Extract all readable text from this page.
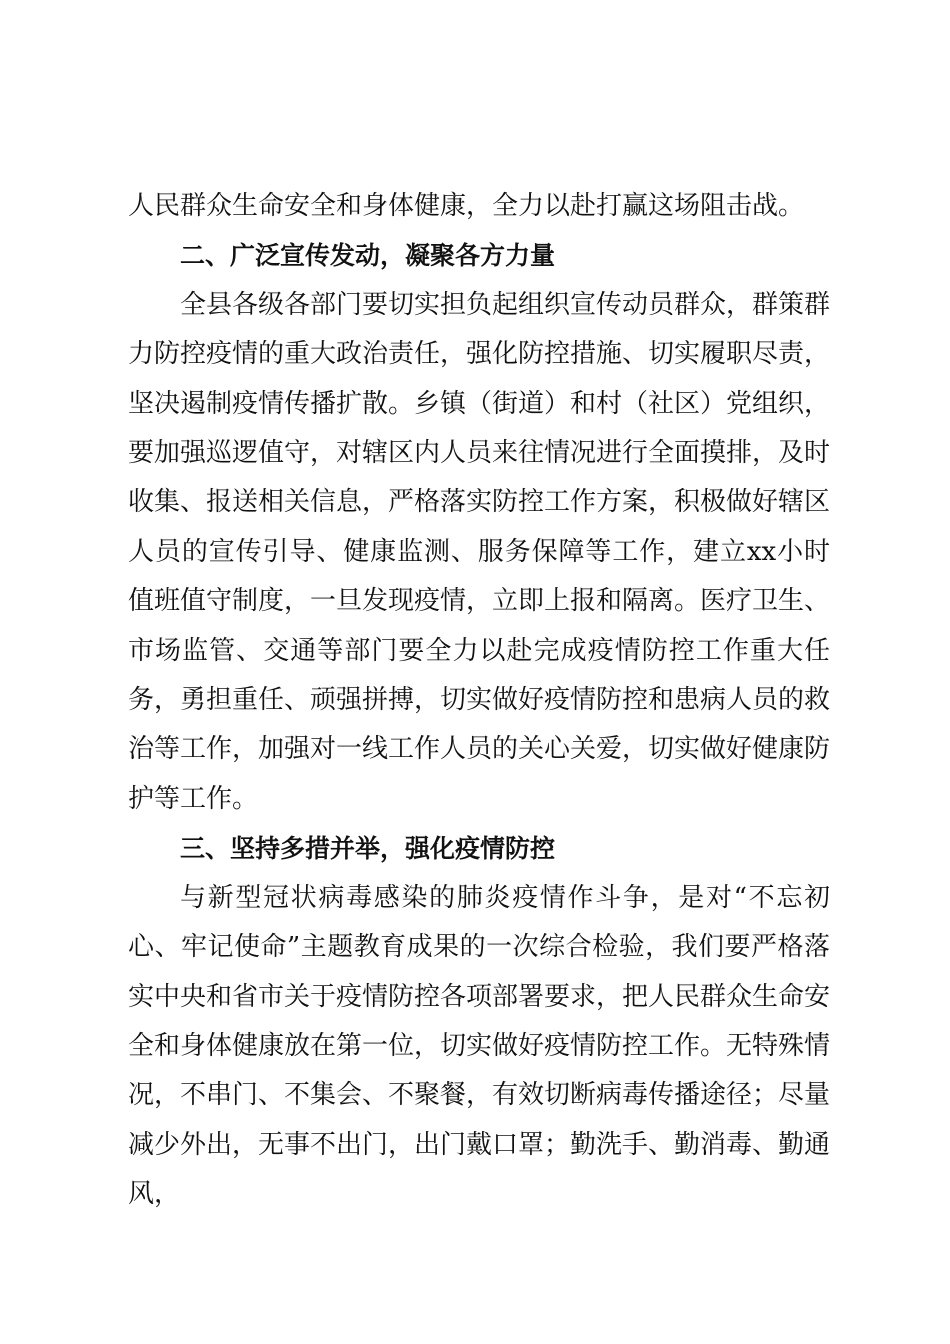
人民群众生命安全和身体健康，全力以赴打赢这场阻击战。

二、广泛宣传发动，凝聚各方力量

全县各级各部门要切实担负起组织宣传动员群众，群策群力防控疫情的重大政治责任，强化防控措施、切实履职尽责，坚决遏制疫情传播扩散。乡镇（街道）和村（社区）党组织，要加强巡逻值守，对辖区内人员来往情况进行全面摸排，及时收集、报送相关信息，严格落实防控工作方案，积极做好辖区人员的宣传引导、健康监测、服务保障等工作，建立xx小时值班值守制度，一旦发现疫情，立即上报和隔离。医疗卫生、市场监管、交通等部门要全力以赴完成疫情防控工作重大任务，勇担重任、顽强拼搏，切实做好疫情防控和患病人员的救治等工作，加强对一线工作人员的关心关爱，切实做好健康防护等工作。

三、坚持多措并举，强化疫情防控

与新型冠状病毒感染的肺炎疫情作斗争，是对“不忘初心、牢记使命”主题教育成果的一次综合检验，我们要严格落实中央和省市关于疫情防控各项部署要求，把人民群众生命安全和身体健康放在第一位，切实做好疫情防控工作。无特殊情况，不串门、不集会、不聚餐，有效切断病毒传播途径；尽量减少外出，无事不出门，出门戴口罩；勤洗手、勤消毒、勤通风，
